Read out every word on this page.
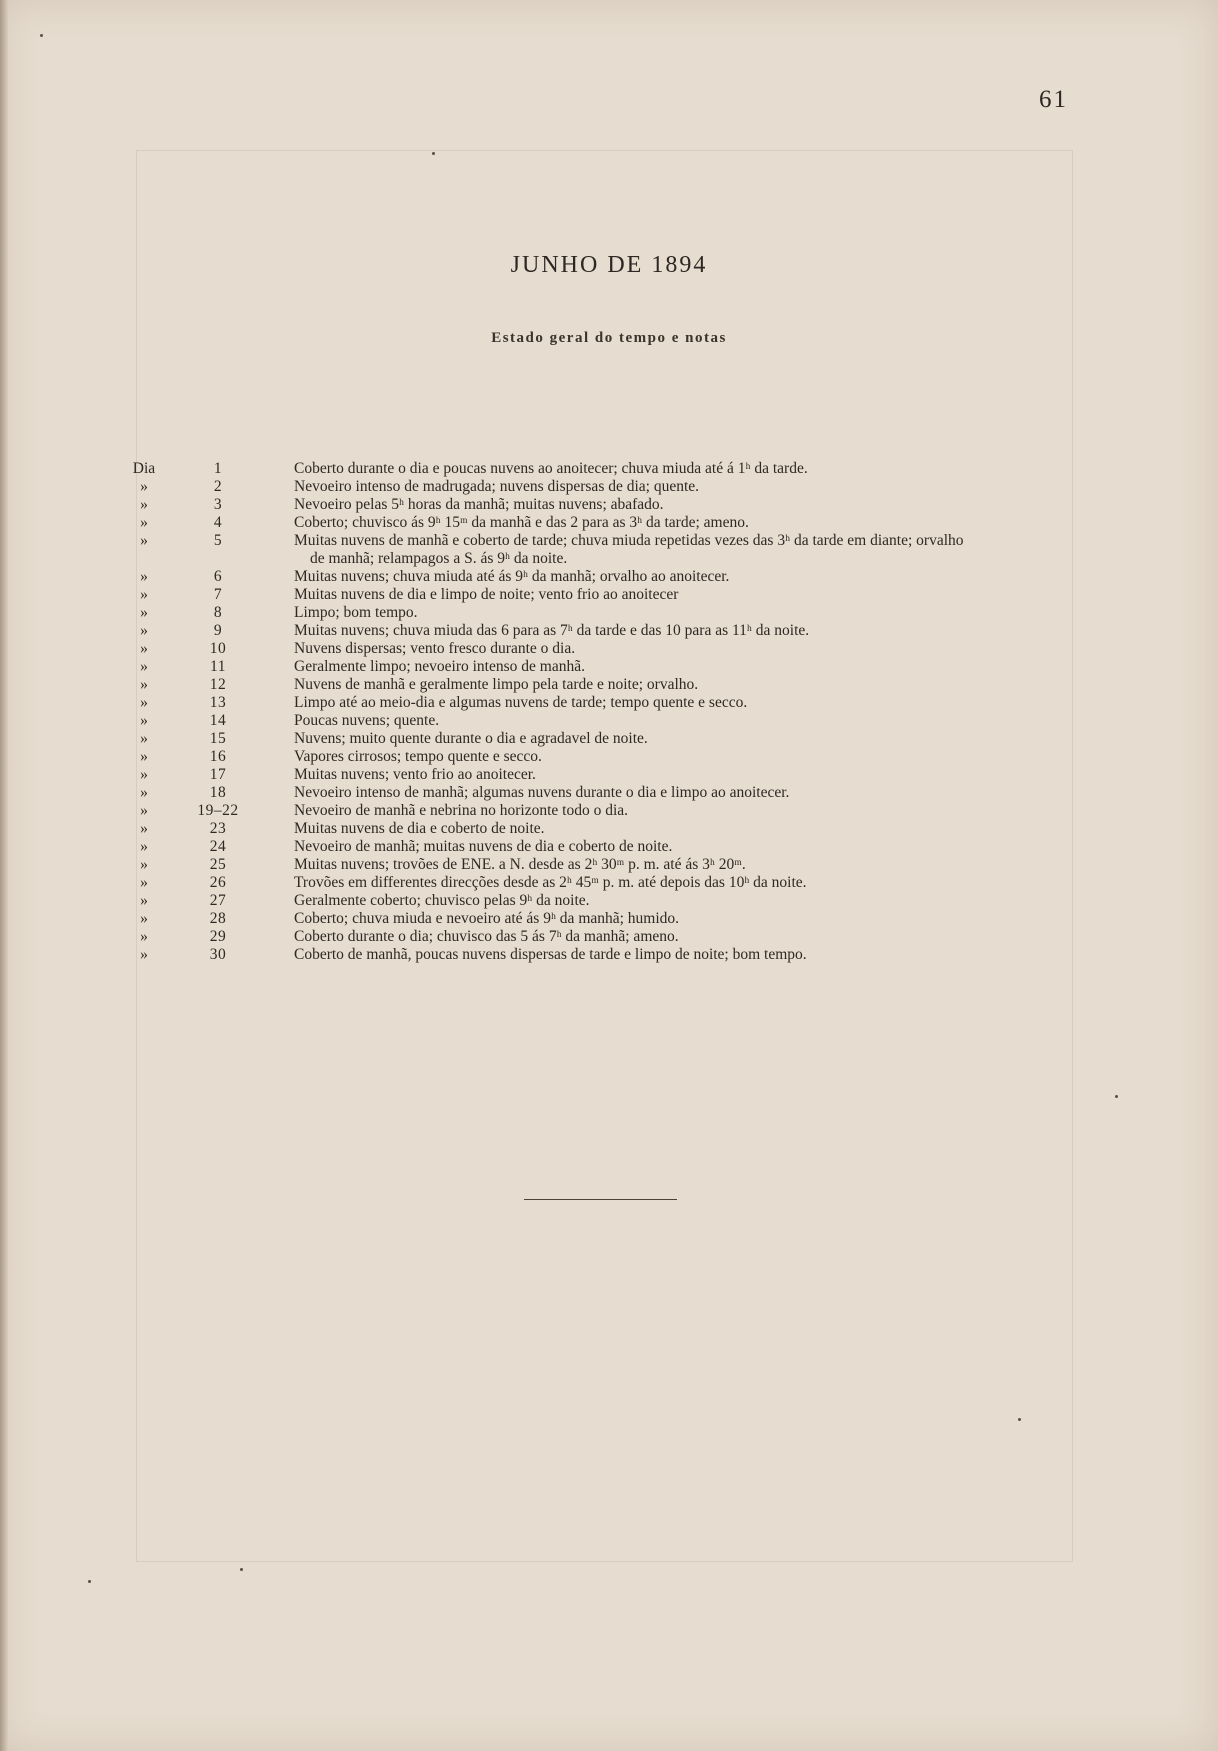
61
JUNHO DE 1894
Estado geral do tempo e notas
Dia	1	Coberto durante o dia e poucas nuvens ao anoitecer; chuva miuda até á 1ʰ da tarde.
»	2	Nevoeiro intenso de madrugada; nuvens dispersas de dia; quente.
»	3	Nevoeiro pelas 5ʰ horas da manhã; muitas nuvens; abafado.
»	4	Coberto; chuvisco ás 9ʰ 15ᵐ da manhã e das 2 para as 3ʰ da tarde; ameno.
»	5	Muitas nuvens de manhã e coberto de tarde; chuva miuda repetidas vezes das 3ʰ da tarde em diante; orvalho
de manhã; relampagos a S. ás 9ʰ da noite.
»	6	Muitas nuvens; chuva miuda até ás 9ʰ da manhã; orvalho ao anoitecer.
»	7	Muitas nuvens de dia e limpo de noite; vento frio ao anoitecer
»	8	Limpo; bom tempo.
»	9	Muitas nuvens; chuva miuda das 6 para as 7ʰ da tarde e das 10 para as 11ʰ da noite.
»	10	Nuvens dispersas; vento fresco durante o dia.
»	11	Geralmente limpo; nevoeiro intenso de manhã.
»	12	Nuvens de manhã e geralmente limpo pela tarde e noite; orvalho.
»	13	Limpo até ao meio-dia e algumas nuvens de tarde; tempo quente e secco.
»	14	Poucas nuvens; quente.
»	15	Nuvens; muito quente durante o dia e agradavel de noite.
»	16	Vapores cirrosos; tempo quente e secco.
»	17	Muitas nuvens; vento frio ao anoitecer.
»	18	Nevoeiro intenso de manhã; algumas nuvens durante o dia e limpo ao anoitecer.
»	19–22	Nevoeiro de manhã e nebrina no horizonte todo o dia.
»	23	Muitas nuvens de dia e coberto de noite.
»	24	Nevoeiro de manhã; muitas nuvens de dia e coberto de noite.
»	25	Muitas nuvens; trovões de ENE. a N. desde as 2ʰ 30ᵐ p. m. até ás 3ʰ 20ᵐ.
»	26	Trovões em differentes direcções desde as 2ʰ 45ᵐ p. m. até depois das 10ʰ da noite.
»	27	Geralmente coberto; chuvisco pelas 9ʰ da noite.
»	28	Coberto; chuva miuda e nevoeiro até ás 9ʰ da manhã; humido.
»	29	Coberto durante o dia; chuvisco das 5 ás 7ʰ da manhã; ameno.
»	30	Coberto de manhã, poucas nuvens dispersas de tarde e limpo de noite; bom tempo.
